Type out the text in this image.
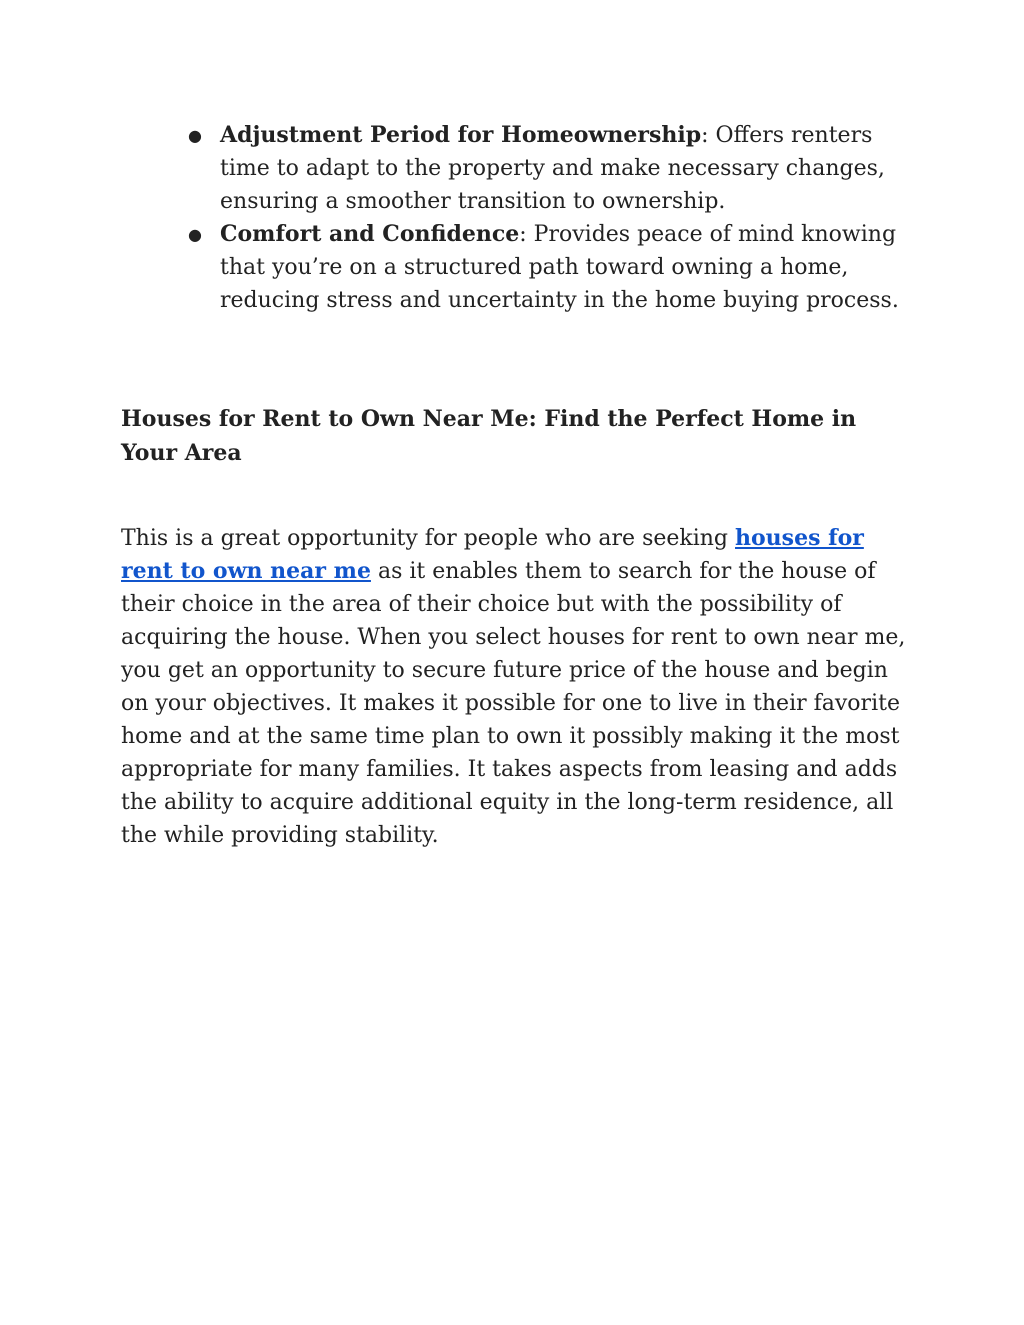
● Adjustment Period for Homeownership: Offers renters time to adapt to the property and make necessary changes, ensuring a smoother transition to ownership.
● Comfort and Confidence: Provides peace of mind knowing that you’re on a structured path toward owning a home, reducing stress and uncertainty in the home buying process.
Houses for Rent to Own Near Me: Find the Perfect Home in Your Area

This is a great opportunity for people who are seeking houses for rent to own near me as it enables them to search for the house of their choice in the area of their choice but with the possibility of acquiring the house. When you select houses for rent to own near me, you get an opportunity to secure future price of the house and begin on your objectives. It makes it possible for one to live in their favorite home and at the same time plan to own it possibly making it the most appropriate for many families. It takes aspects from leasing and adds the ability to acquire additional equity in the long-term residence, all the while providing stability.
